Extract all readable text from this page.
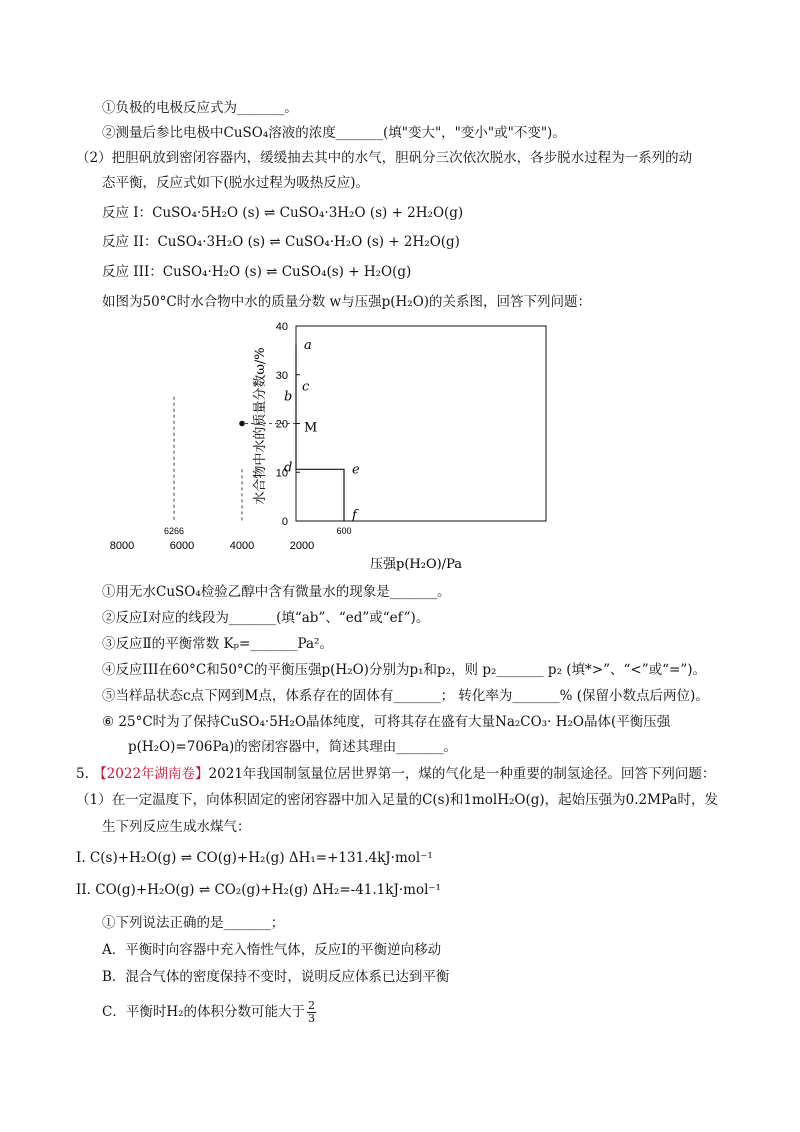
①负极的电极反应式为_______。
②测量后参比电极中CuSO₄溶液的浓度_______(填"变大"，"变小"或"不变")。
（2）把胆矾放到密闭容器内，缓缓抽去其中的水气，胆矾分三次依次脱水，各步脱水过程为一系列的动
态平衡，反应式如下(脱水过程为吸热反应)。
反应 I：CuSO₄·5H₂O (s) ⇌ CuSO₄·3H₂O (s) + 2H₂O(g)
反应 II：CuSO₄·3H₂O (s) ⇌ CuSO₄·H₂O (s) + 2H₂O(g)
反应 III：CuSO₄·H₂O (s) ⇌ CuSO₄(s) + H₂O(g)
如图为50°C时水合物中水的质量分数 w与压强p(H₂O)的关系图，回答下列问题：
0
10
20
30
40
8000	6000	4000	2000
6266	600
压强p(H₂O)/Pa
水合物中水的质量分数ω/%
a
b
c
d	e
f
M
①用无水CuSO₄检验乙醇中含有微量水的现象是_______。
②反应Ⅰ对应的线段为_______(填“ab”、“ed”或“ef”)。
③反应Ⅱ的平衡常数 Kₚ=_______Pa²。
④反应III在60°C和50°C的平衡压强p(H₂O)分别为p₁和p₂，则 p₂_______ p₂ (填*>”、“<”或“=”)。
⑤当样品状态c点下网到M点，体系存在的固体有_______； 转化率为_______% (保留小数点后两位)。
⑥ 25°C时为了保持CuSO₄·5H₂O晶体纯度，可将其存在盛有大量Na₂CO₃· H₂O晶体(平衡压强
p(H₂O)=706Pa)的密闭容器中，简述其理由_______。
5. 【2022年湖南卷】2021年我国制氢量位居世界第一，煤的气化是一种重要的制氢途径。回答下列问题：
（1）在一定温度下，向体积固定的密闭容器中加入足量的C(s)和1molH₂O(g)，起始压强为0.2MPa时，发
生下列反应生成水煤气：
I. C(s)+H₂O(g) ⇌ CO(g)+H₂(g) ΔH₁=+131.4kJ·mol⁻¹
II. CO(g)+H₂O(g) ⇌ CO₂(g)+H₂(g) ΔH₂=-41.1kJ·mol⁻¹
①下列说法正确的是_______；
A．平衡时向容器中充入惰性气体，反应Ⅰ的平衡逆向移动
B．混合气体的密度保持不变时，说明反应体系已达到平衡
C．平衡时H₂的体积分数可能大于 $\frac{2}{3}$
